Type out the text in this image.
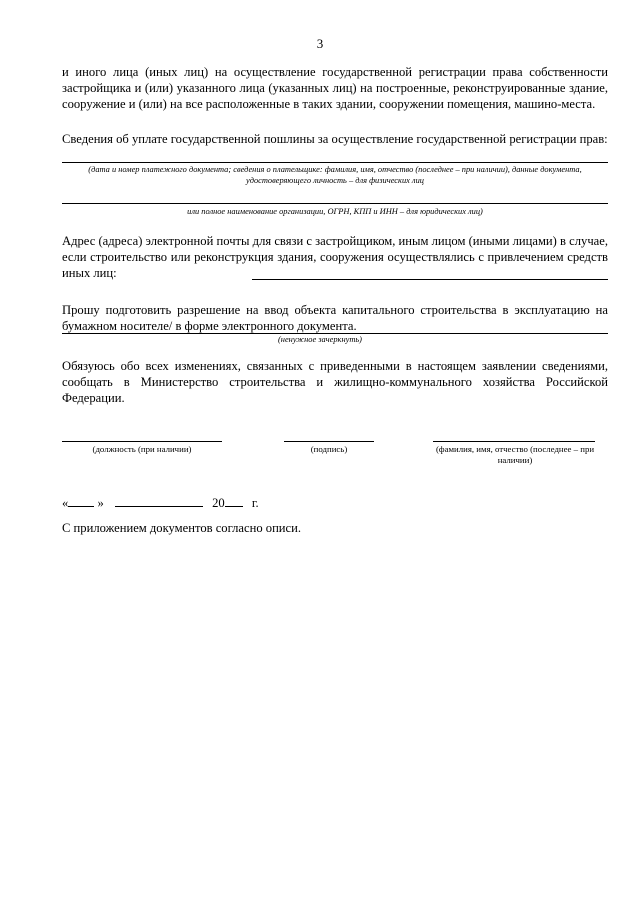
3
и иного лица (иных лиц) на осуществление государственной регистрации права собственности застройщика и (или) указанного лица (указанных лиц) на построенные, реконструированные здание, сооружение и (или) на все расположенные в таких здании, сооружении помещения, машино-места.
Сведения об уплате государственной пошлины за осуществление государственной регистрации прав:
(дата и номер платежного документа; сведения о плательщике: фамилия, имя, отчество (последнее – при наличии), данные документа, удостоверяющего личность – для физических лиц
или полное наименование организации, ОГРН, КПП и ИНН – для юридических лиц)
Адрес (адреса) электронной почты для связи с застройщиком, иным лицом (иными лицами) в случае, если строительство или реконструкция здания, сооружения осуществлялись с привлечением средств иных лиц:
Прошу подготовить разрешение на ввод объекта капитального строительства в эксплуатацию на бумажном носителе/ в форме электронного документа.
(ненужное зачеркнуть)
Обязуюсь обо всех изменениях, связанных с приведенными в настоящем заявлении сведениями, сообщать в Министерство строительства и жилищно-коммунального хозяйства Российской Федерации.
(должность (при наличии)	(подпись)	(фамилия, имя, отчество (последнее – при наличии)
« »	20 г.
С приложением документов согласно описи.
